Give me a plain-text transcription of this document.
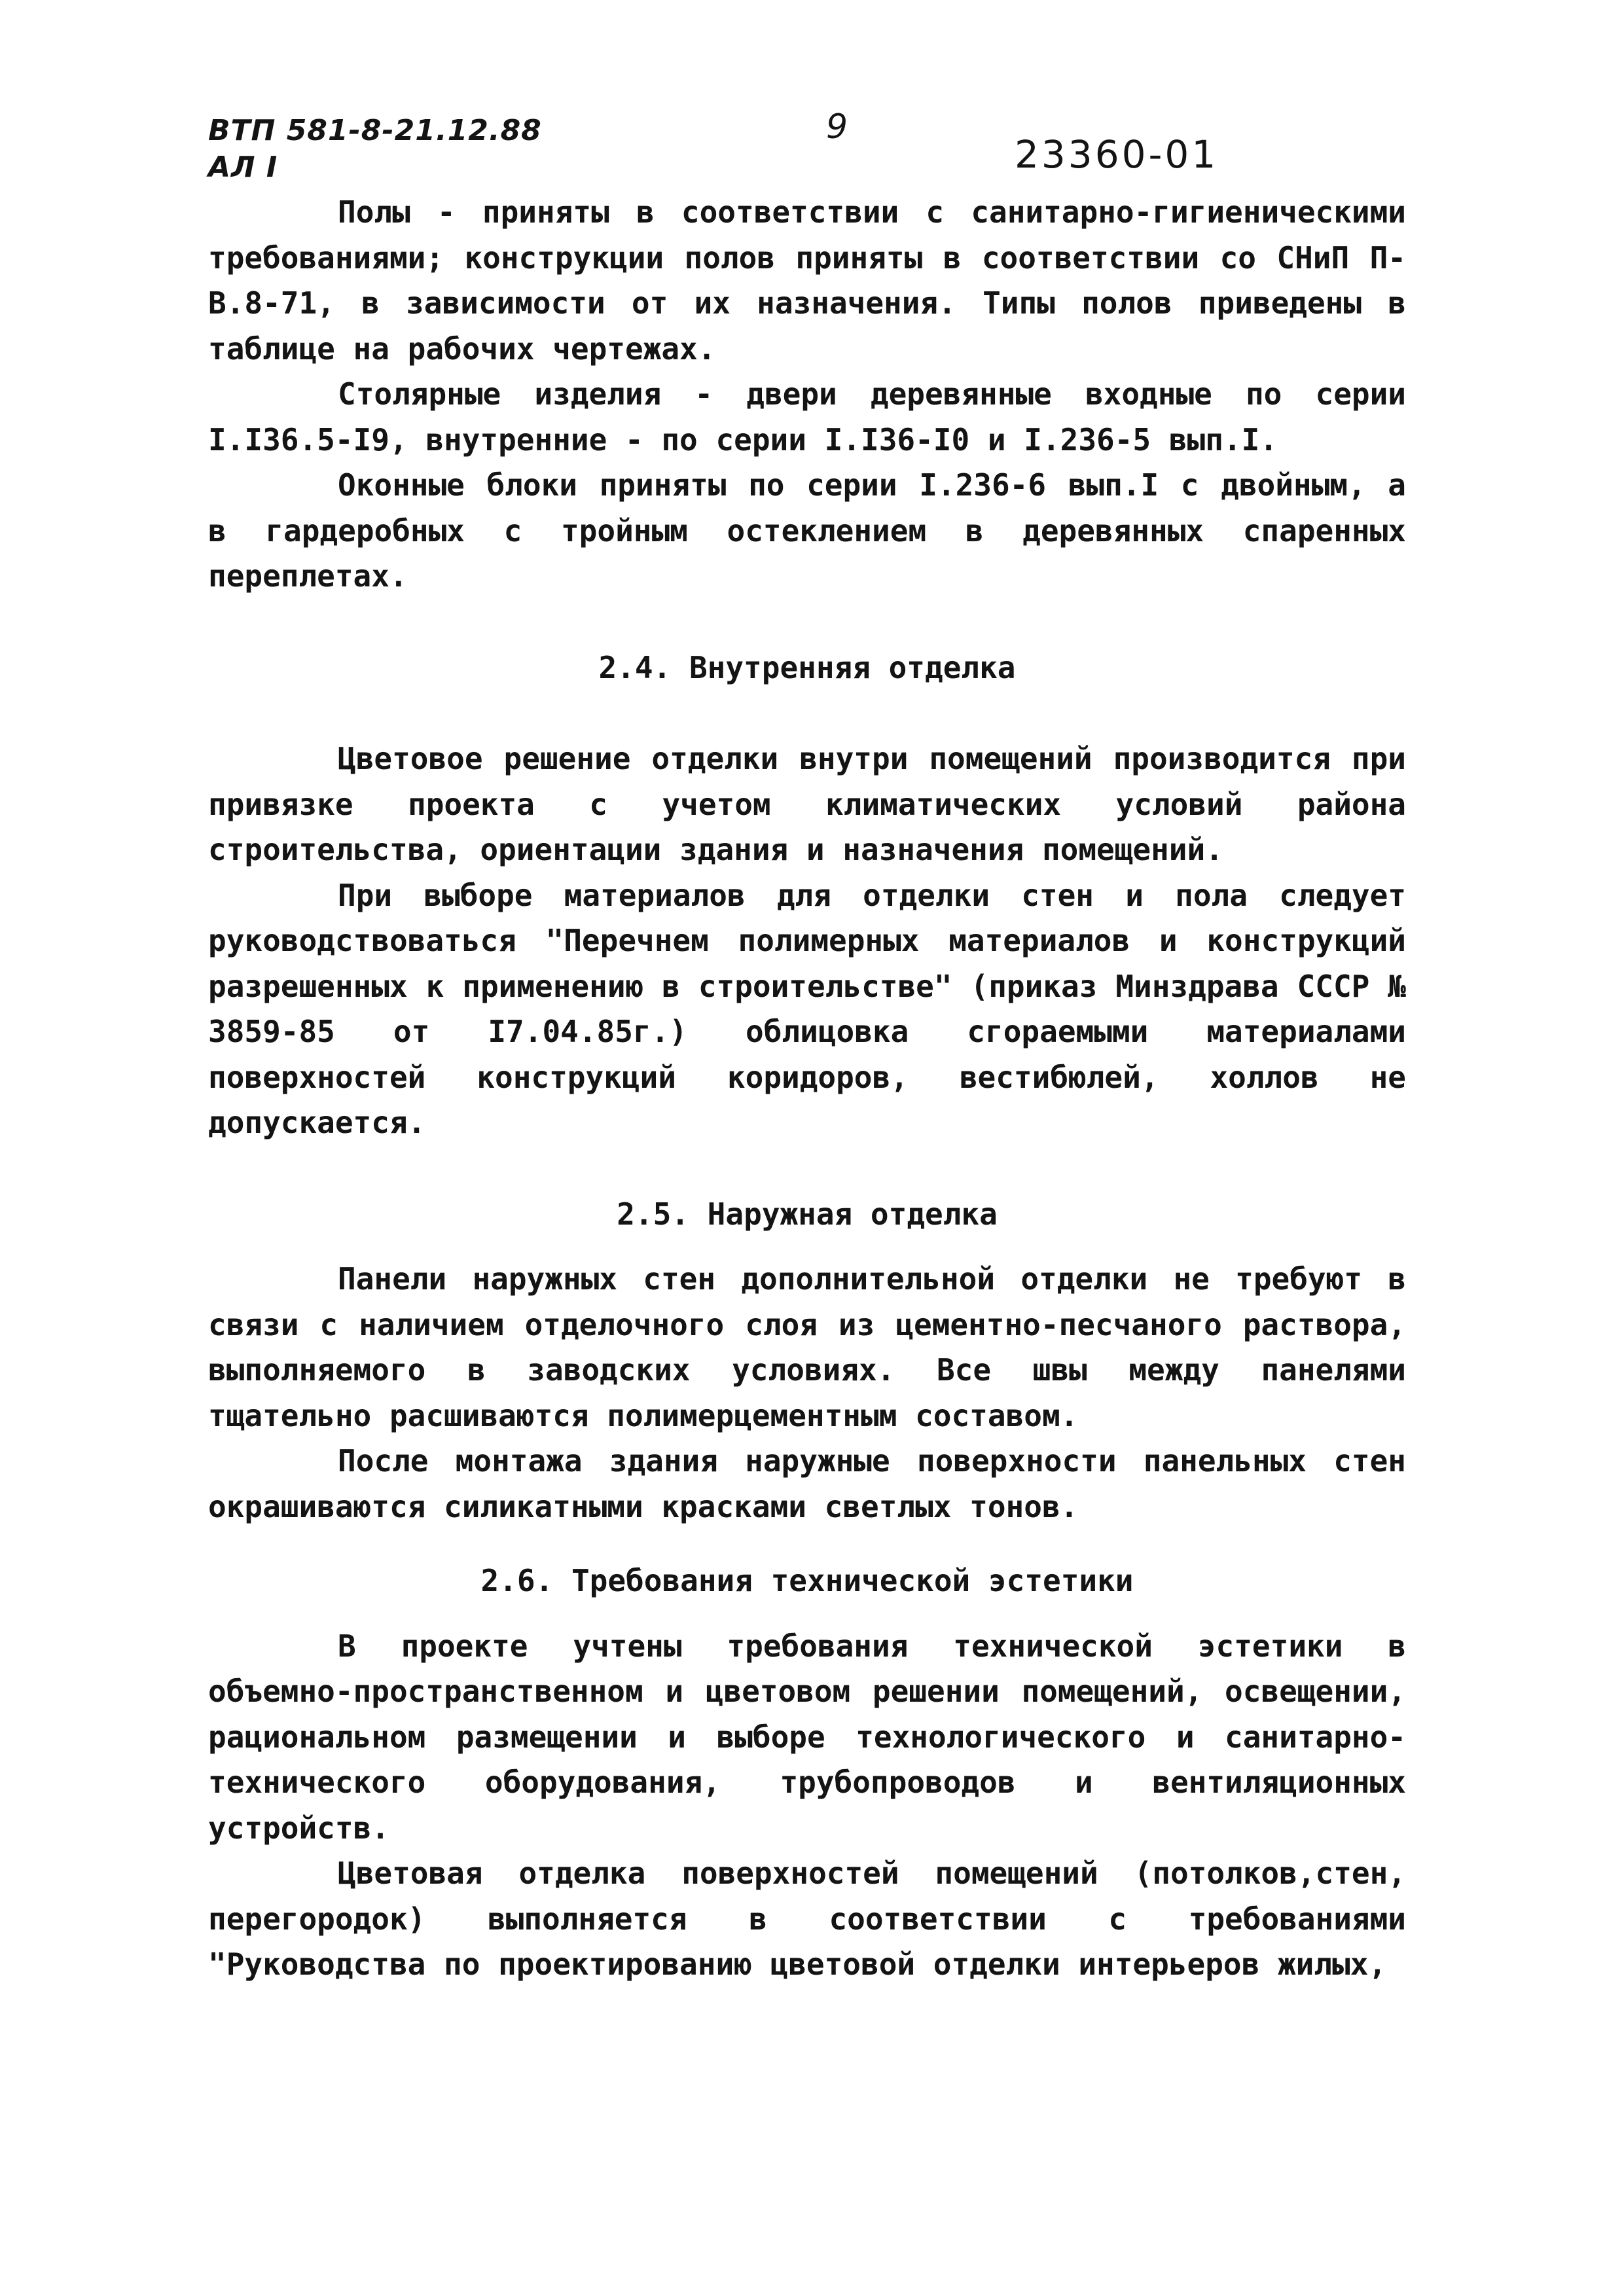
ВТП 581-8-21.12.88
АЛ I
9
23360-01

Полы - приняты в соответствии с санитарно-гигиеническими требованиями; конструкции полов приняты в соответствии со СНиП П-В.8-71, в зависимости от их назначения. Типы полов приведены в таблице на рабочих чертежах.

Столярные изделия - двери деревянные входные по серии I.I36.5-I9, внутренние - по серии I.I36-I0 и I.236-5 вып.I.

Оконные блоки приняты по серии I.236-6 вып.I с двойным, а в гардеробных с тройным остеклением в деревянных спаренных переплетах.

2.4. Внутренняя отделка

Цветовое решение отделки внутри помещений производится при привязке проекта с учетом климатических условий района строительства, ориентации здания и назначения помещений.

При выборе материалов для отделки стен и пола следует руководствоваться "Перечнем полимерных материалов и конструкций разрешенных к применению в строительстве" (приказ Минздрава СССР № 3859-85 от I7.04.85г.) облицовка сгораемыми материалами поверхностей конструкций коридоров, вестибюлей, холлов не допускается.

2.5. Наружная отделка

Панели наружных стен дополнительной отделки не требуют в связи с наличием отделочного слоя из цементно-песчаного раствора, выполняемого в заводских условиях. Все швы между панелями тщательно расшиваются полимерцементным составом.

После монтажа здания наружные поверхности панельных стен окрашиваются силикатными красками светлых тонов.

2.6. Требования технической эстетики

В проекте учтены требования технической эстетики в объемно-пространственном и цветовом решении помещений, освещении, рациональном размещении и выборе технологического и санитарно-технического оборудования, трубопроводов и вентиляционных устройств.

Цветовая отделка поверхностей помещений (потолков,стен, перегородок) выполняется в соответствии с требованиями "Руководства по проектированию цветовой отделки интерьеров жилых,
